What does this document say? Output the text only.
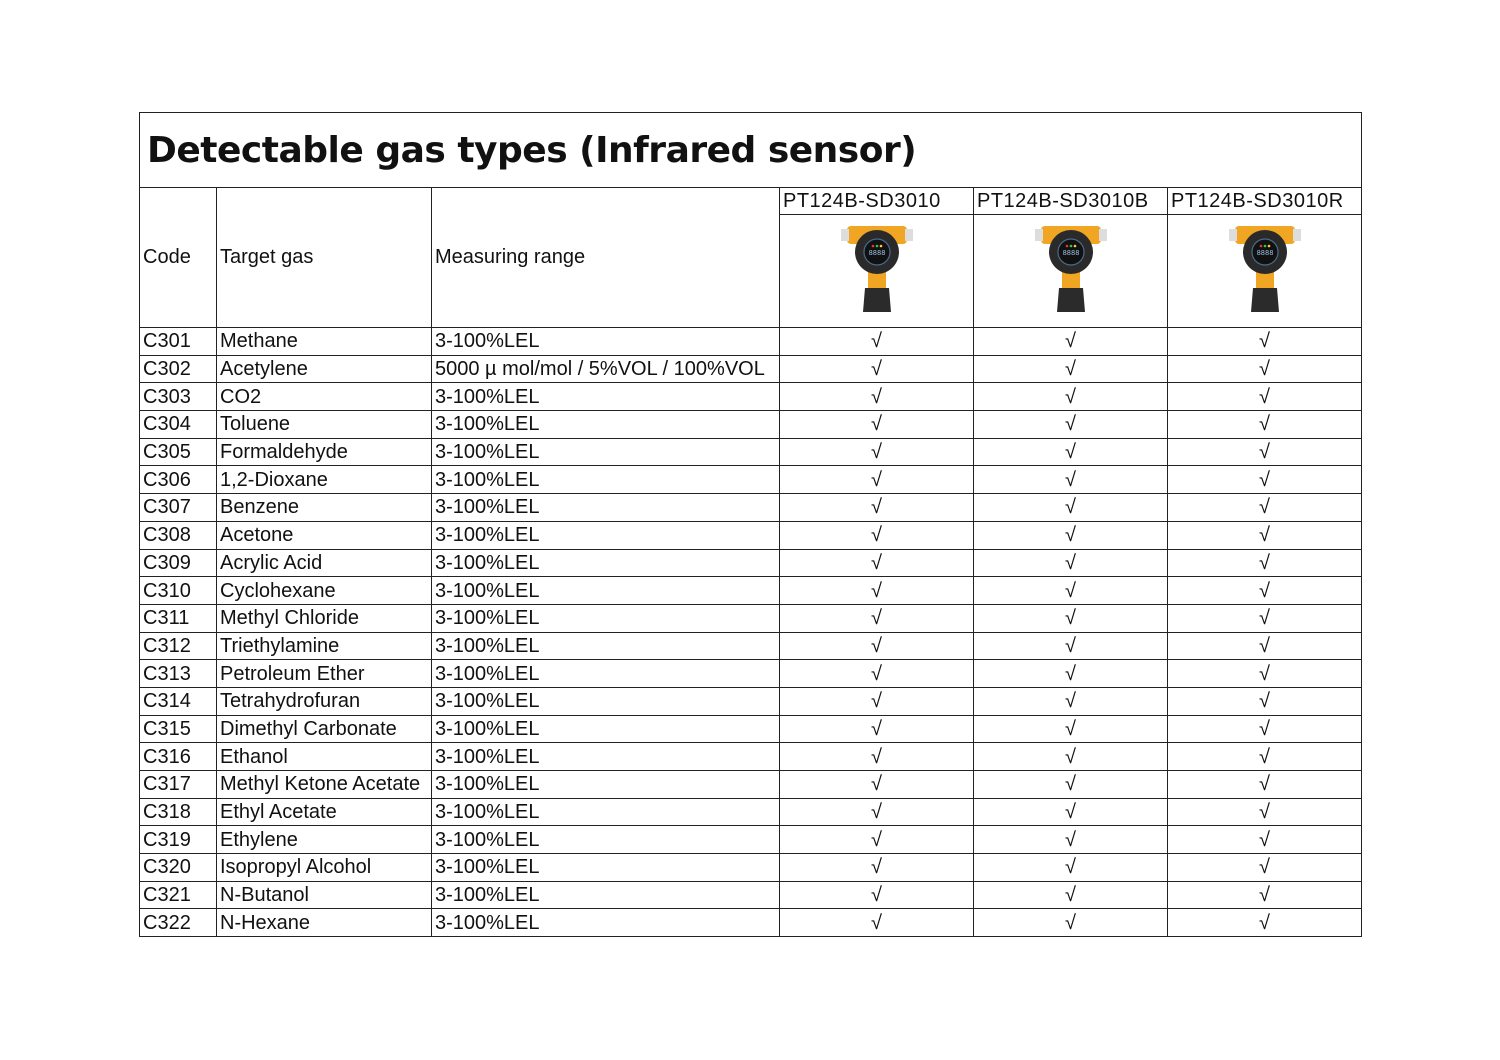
Detectable gas types (Infrared sensor)					
Code	Target gas	Measuring range	PT124B-SD3010	PT124B-SD3010B	PT124B-SD3010R

8888	8888	8888

C301	Methane	3-100%LEL	√	√	√
C302	Acetylene	5000 µ mol/mol / 5%VOL / 100%VOL	√	√	√
C303	CO2	3-100%LEL	√	√	√
C304	Toluene	3-100%LEL	√	√	√
C305	Formaldehyde	3-100%LEL	√	√	√
C306	1,2-Dioxane	3-100%LEL	√	√	√
C307	Benzene	3-100%LEL	√	√	√
C308	Acetone	3-100%LEL	√	√	√
C309	Acrylic Acid	3-100%LEL	√	√	√
C310	Cyclohexane	3-100%LEL	√	√	√
C311	Methyl Chloride	3-100%LEL	√	√	√
C312	Triethylamine	3-100%LEL	√	√	√
C313	Petroleum Ether	3-100%LEL	√	√	√
C314	Tetrahydrofuran	3-100%LEL	√	√	√
C315	Dimethyl Carbonate	3-100%LEL	√	√	√
C316	Ethanol	3-100%LEL	√	√	√
C317	Methyl Ketone Acetate	3-100%LEL	√	√	√
C318	Ethyl Acetate	3-100%LEL	√	√	√
C319	Ethylene	3-100%LEL	√	√	√
C320	Isopropyl Alcohol	3-100%LEL	√	√	√
C321	N-Butanol	3-100%LEL	√	√	√
C322	N-Hexane	3-100%LEL	√	√	√
